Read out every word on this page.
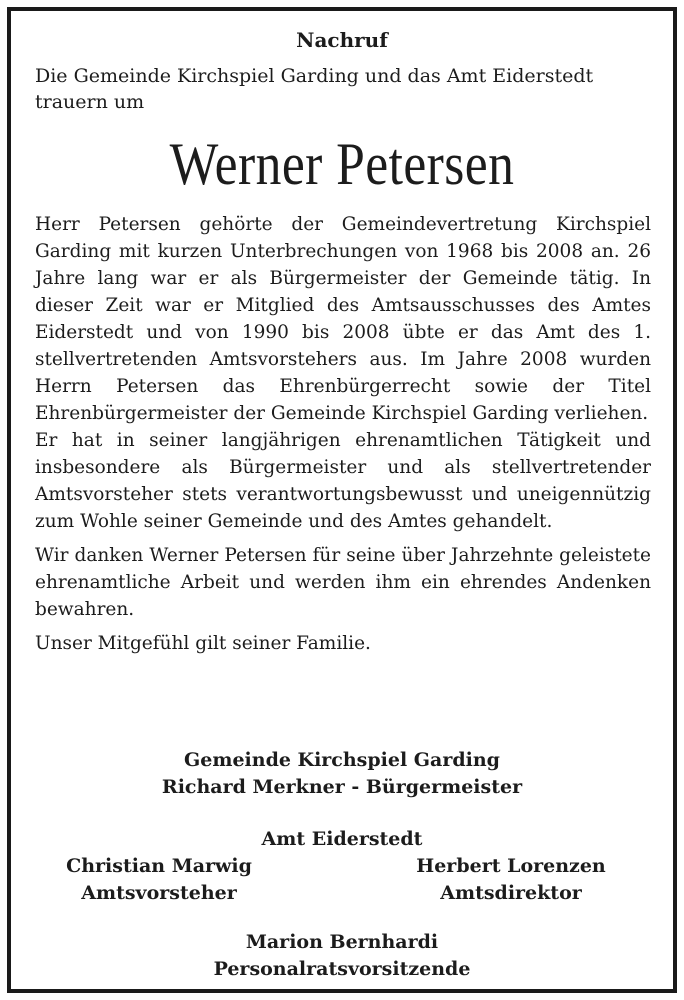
Nachruf
Die Gemeinde Kirchspiel Garding und das Amt Eiderstedt
trauern um
Werner Petersen

Herr Petersen gehörte der Gemeindevertretung Kirchspiel Garding mit kurzen Unterbrechungen von 1968 bis 2008 an. 26 Jahre lang war er als Bürgermeister der Gemeinde tätig. In dieser Zeit war er Mitglied des Amtsausschusses des Amtes Eiderstedt und von 1990 bis 2008 übte er das Amt des 1. stellvertretenden Amtsvorstehers aus. Im Jahre 2008 wurden Herrn Petersen das Ehrenbürgerrecht sowie der Titel Ehrenbürgermeister der Gemeinde Kirchspiel Garding verliehen.

Er hat in seiner langjährigen ehrenamtlichen Tätigkeit und insbesondere als Bürgermeister und als stellvertretender Amtsvorsteher stets verantwortungsbewusst und uneigennützig zum Wohle seiner Gemeinde und des Amtes gehandelt.

Wir danken Werner Petersen für seine über Jahrzehnte geleistete ehrenamtliche Arbeit und werden ihm ein ehrendes Andenken bewahren.

Unser Mitgefühl gilt seiner Familie.

Gemeinde Kirchspiel Garding
Richard Merkner - Bürgermeister
Amt Eiderstedt
Christian Marwig
Amtsvorsteher
Herbert Lorenzen
Amtsdirektor
Marion Bernhardi
Personalratsvorsitzende
